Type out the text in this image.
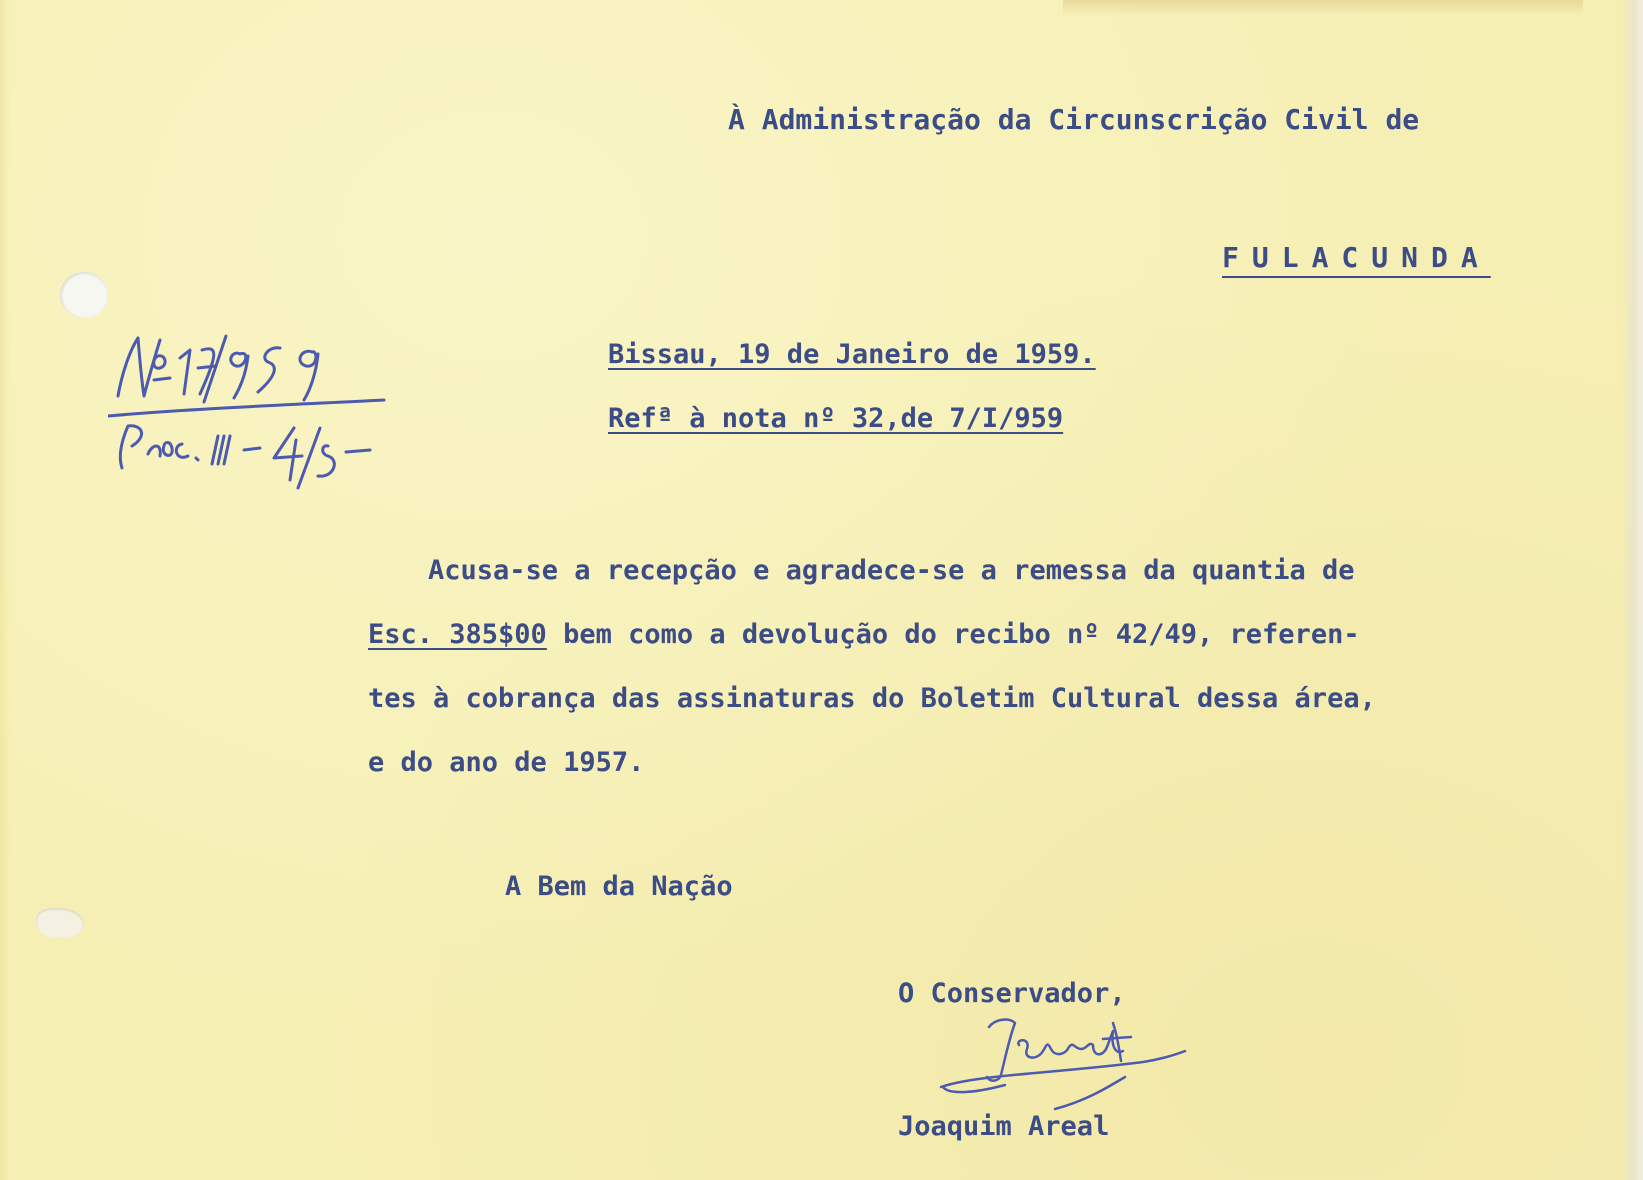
À Administração da Circunscrição Civil de

FULACUNDA

Bissau, 19 de Janeiro de 1959.

Refª à nota nº 32,de 7/I/959

Acusa-se a recepção e agradece-se a remessa da quantia de
Esc. 385$00 bem como a devolução do recibo nº 42/49, referen-
tes à cobrança das assinaturas do Boletim Cultural dessa área,
e do ano de 1957.

A Bem da Nação

O Conservador,

Joaquim Areal
